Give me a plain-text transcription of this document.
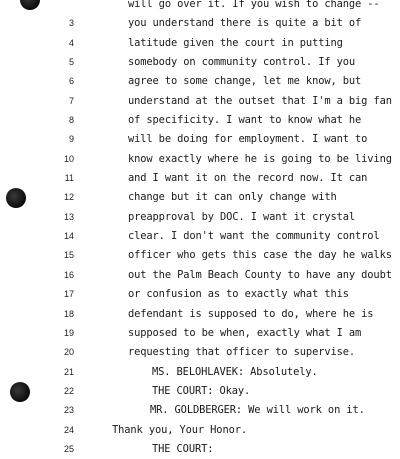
will go over it. If you wish to change --
3	you understand there is quite a bit of
4	latitude given the court in putting
5	somebody on community control. If you
6	agree to some change, let me know, but
7	understand at the outset that I'm a big fan
8	of specificity. I want to know what he
9	will be doing for employment. I want to
10	know exactly where he is going to be living
11	and I want it on the record now. It can
12	change but it can only change with
13	preapproval by DOC. I want it crystal
14	clear. I don't want the community control
15	officer who gets this case the day he walks
16	out the Palm Beach County to have any doubt
17	or confusion as to exactly what this
18	defendant is supposed to do, where he is
19	supposed to be when, exactly what I am
20	requesting that officer to supervise.
21	MS. BELOHLAVEK: Absolutely.
22	THE COURT: Okay.
23	MR. GOLDBERGER: We will work on it.
24	Thank you, Your Honor.
25	THE COURT:
